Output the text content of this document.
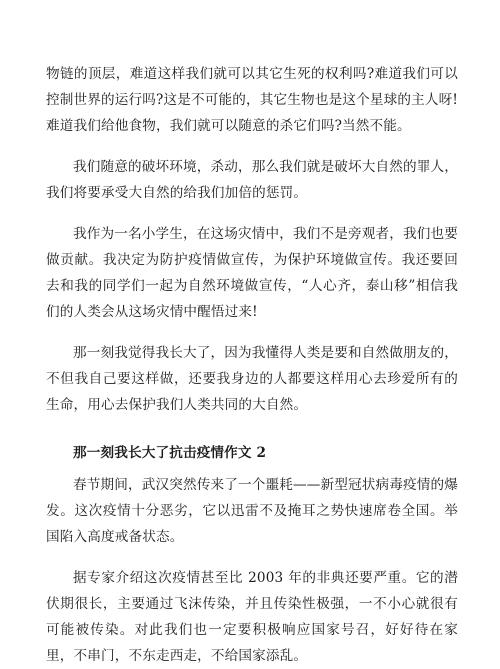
物链的顶层，难道这样我们就可以其它生死的权利吗?难道我们可以控制世界的运行吗?这是不可能的，其它生物也是这个星球的主人呀!难道我们给他食物，我们就可以随意的杀它们吗?当然不能。

我们随意的破坏环境，杀动，那么我们就是破坏大自然的罪人，我们将要承受大自然的给我们加倍的惩罚。

我作为一名小学生，在这场灾情中，我们不是旁观者，我们也要做贡献。我决定为防护疫情做宣传，为保护环境做宣传。我还要回去和我的同学们一起为自然环境做宣传，“人心齐，泰山移”相信我们的人类会从这场灾情中醒悟过来!

那一刻我觉得我长大了，因为我懂得人类是要和自然做朋友的，不但我自己要这样做，还要我身边的人都要这样用心去珍爱所有的生命，用心去保护我们人类共同的大自然。

那一刻我长大了抗击疫情作文 2

春节期间，武汉突然传来了一个噩耗——新型冠状病毒疫情的爆发。这次疫情十分恶劣，它以迅雷不及掩耳之势快速席卷全国。举国陷入高度戒备状态。

据专家介绍这次疫情甚至比 2003 年的非典还要严重。它的潜伏期很长，主要通过飞沫传染，并且传染性极强，一不小心就很有可能被传染。对此我们也一定要积极响应国家号召，好好待在家里，不串门，不东走西走，不给国家添乱。
